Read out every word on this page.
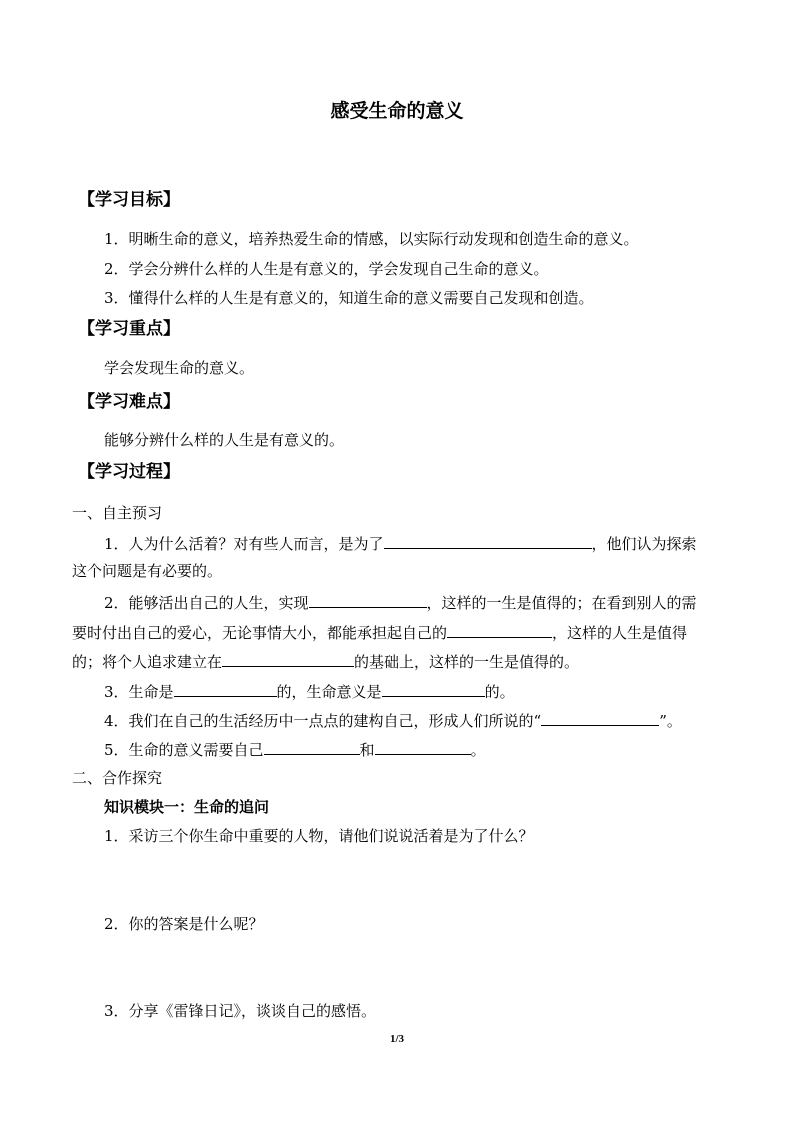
感受生命的意义
【学习目标】
1．明晰生命的意义，培养热爱生命的情感，以实际行动发现和创造生命的意义。
2．学会分辨什么样的人生是有意义的，学会发现自己生命的意义。
3．懂得什么样的人生是有意义的，知道生命的意义需要自己发现和创造。
【学习重点】
学会发现生命的意义。
【学习难点】
能够分辨什么样的人生是有意义的。
【学习过程】
一、自主预习
1．人为什么活着？对有些人而言，是为了	，他们认为探索
这个问题是有必要的。
2．能够活出自己的人生，实现	，这样的一生是值得的；在看到别人的需
要时付出自己的爱心，无论事情大小，都能承担起自己的	，这样的人生是值得
的；将个人追求建立在	的基础上，这样的一生是值得的。
3．生命是	的，生命意义是	的。
4．我们在自己的生活经历中一点点的建构自己，形成人们所说的“	”。
5．生命的意义需要自己	和	。
二、合作探究
知识模块一：生命的追问
1．采访三个你生命中重要的人物，请他们说说活着是为了什么？
2．你的答案是什么呢？
3．分享《雷锋日记》，谈谈自己的感悟。
1/3
